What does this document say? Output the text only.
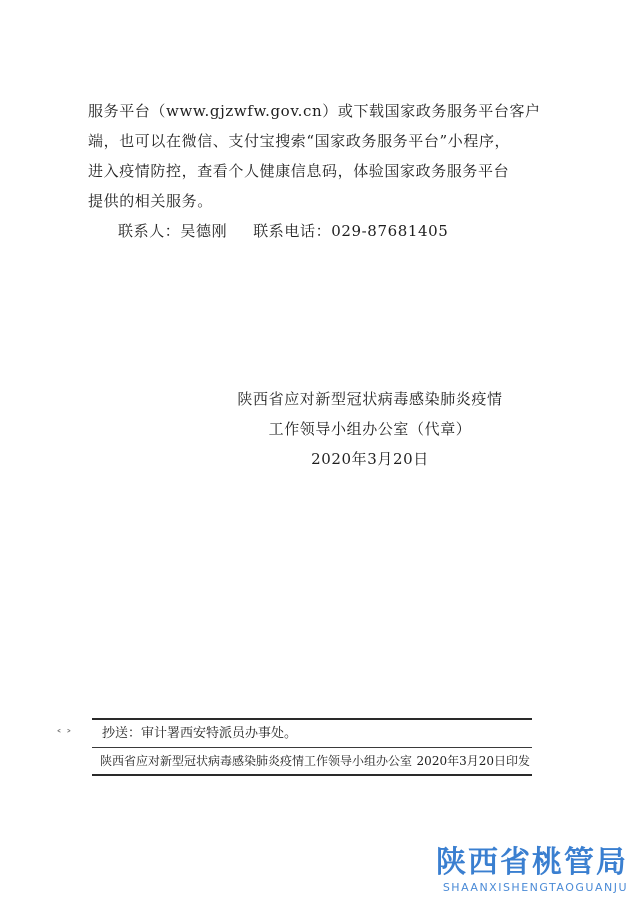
服务平台（www.gjzwfw.gov.cn）或下载国家政务服务平台客户
端，也可以在微信、支付宝搜索“国家政务服务平台”小程序，
进入疫情防控，查看个人健康信息码，体验国家政务服务平台
提供的相关服务。
联系人：吴德刚 联系电话：029-87681405
陕西省应对新型冠状病毒感染肺炎疫情
工作领导小组办公室（代章）
2020年3月20日
˂ ˃	抄送：审计署西安特派员办事处。
陕西省应对新型冠状病毒感染肺炎疫情工作领导小组办公室 2020年3月20日印发
陕西省桃管局
SHAANXISHENGTAOGUANJU
